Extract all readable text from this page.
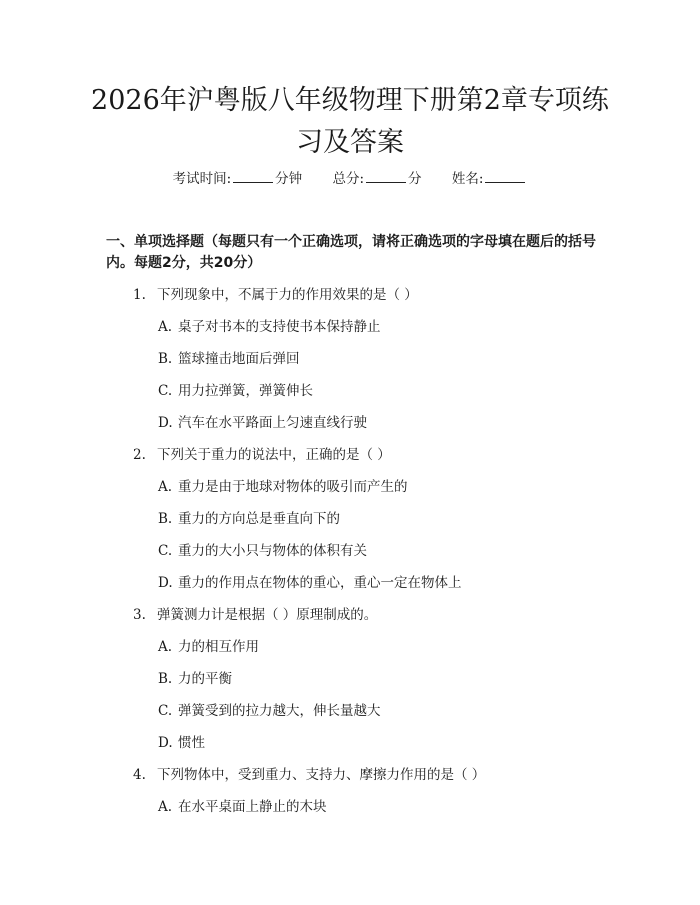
2026年沪粤版八年级物理下册第2章专项练
习及答案
考试时间:	分钟 总分:	分 姓名:
一、单项选择题（每题只有一个正确选项，请将正确选项的字母填在题后的括号内。每题2分，共20分）
1. 下列现象中，不属于力的作用效果的是（ ）
A. 桌子对书本的支持使书本保持静止
B. 篮球撞击地面后弹回
C. 用力拉弹簧，弹簧伸长
D. 汽车在水平路面上匀速直线行驶
2. 下列关于重力的说法中，正确的是（ ）
A. 重力是由于地球对物体的吸引而产生的
B. 重力的方向总是垂直向下的
C. 重力的大小只与物体的体积有关
D. 重力的作用点在物体的重心，重心一定在物体上
3. 弹簧测力计是根据（ ）原理制成的。
A. 力的相互作用
B. 力的平衡
C. 弹簧受到的拉力越大，伸长量越大
D. 惯性
4. 下列物体中，受到重力、支持力、摩擦力作用的是（ ）
A. 在水平桌面上静止的木块
